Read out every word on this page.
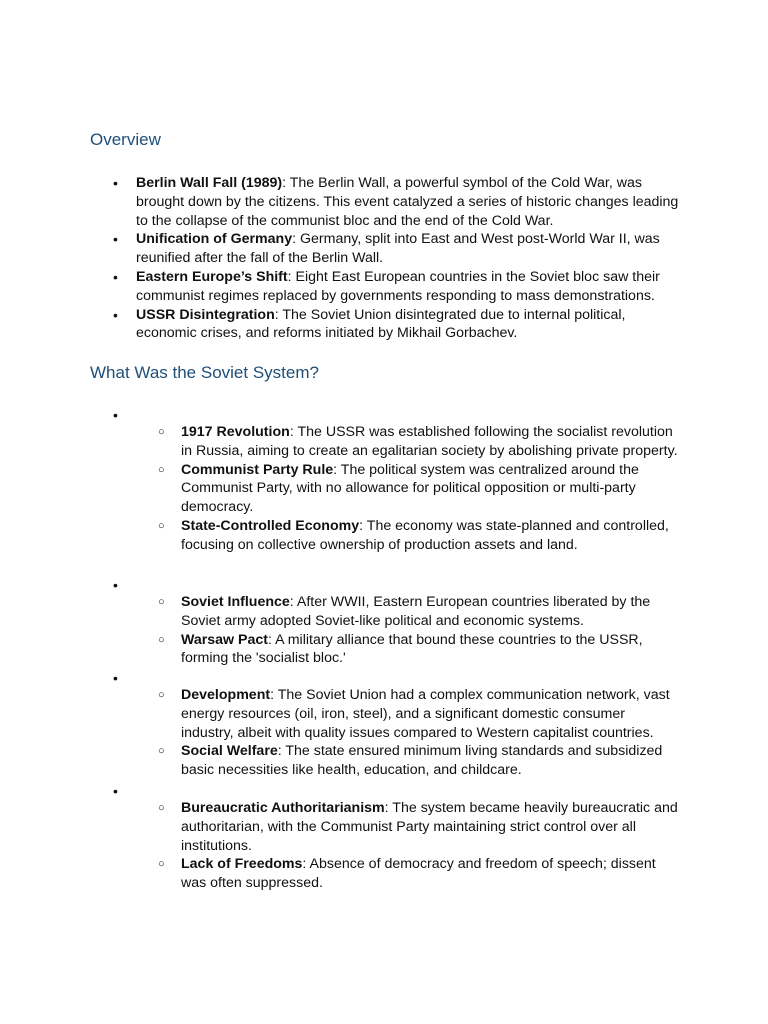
Overview
• Berlin Wall Fall (1989): The Berlin Wall, a powerful symbol of the Cold War, was brought down by the citizens. This event catalyzed a series of historic changes leading to the collapse of the communist bloc and the end of the Cold War.
• Unification of Germany: Germany, split into East and West post-World War II, was reunified after the fall of the Berlin Wall.
• Eastern Europe’s Shift: Eight East European countries in the Soviet bloc saw their communist regimes replaced by governments responding to mass demonstrations.
• USSR Disintegration: The Soviet Union disintegrated due to internal political, economic crises, and reforms initiated by Mikhail Gorbachev.
What Was the Soviet System?
•
○ 1917 Revolution: The USSR was established following the socialist revolution in Russia, aiming to create an egalitarian society by abolishing private property.
○ Communist Party Rule: The political system was centralized around the Communist Party, with no allowance for political opposition or multi-party democracy.
○ State-Controlled Economy: The economy was state-planned and controlled, focusing on collective ownership of production assets and land.
•
○ Soviet Influence: After WWII, Eastern European countries liberated by the Soviet army adopted Soviet-like political and economic systems.
○ Warsaw Pact: A military alliance that bound these countries to the USSR, forming the 'socialist bloc.'
•
○ Development: The Soviet Union had a complex communication network, vast energy resources (oil, iron, steel), and a significant domestic consumer industry, albeit with quality issues compared to Western capitalist countries.
○ Social Welfare: The state ensured minimum living standards and subsidized basic necessities like health, education, and childcare.
•
○ Bureaucratic Authoritarianism: The system became heavily bureaucratic and authoritarian, with the Communist Party maintaining strict control over all institutions.
○ Lack of Freedoms: Absence of democracy and freedom of speech; dissent was often suppressed.
